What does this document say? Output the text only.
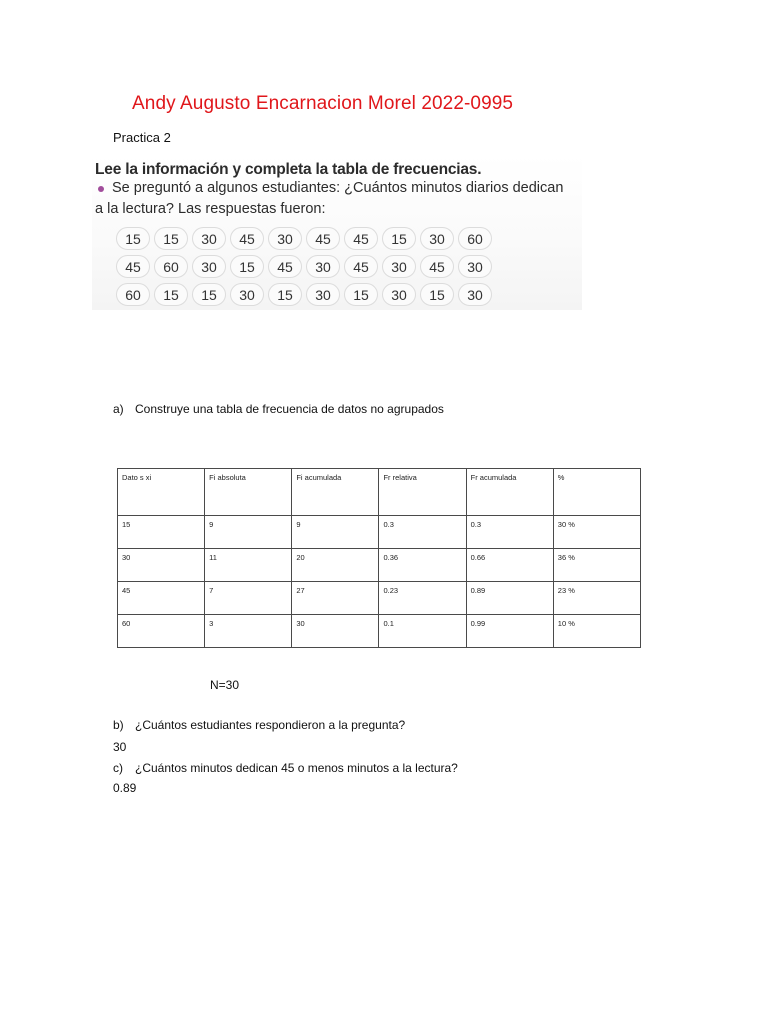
Andy Augusto Encarnacion Morel 2022-0995
Practica 2
Lee la información y completa la tabla de frecuencias.
Se preguntó a algunos estudiantes: ¿Cuántos minutos diarios dedican
a la lectura? Las respuestas fueron:
15	15	30	45	30	45	45	15	30	60
45	60	30	15	45	30	45	30	45	30
60	15	15	30	15	30	15	30	15	30
a) Construye una tabla de frecuencia de datos no agrupados
Dato s xi	Fi absoluta	Fi acumulada	Fr relativa	Fr acumulada	%
15	9	9	0.3	0.3	30 %
30	11	20	0.36	0.66	36 %
45	7	27	0.23	0.89	23 %
60	3	30	0.1	0.99	10 %
N=30
b) ¿Cuántos estudiantes respondieron a la pregunta?
30
c) ¿Cuántos minutos dedican 45 o menos minutos a la lectura?
0.89
